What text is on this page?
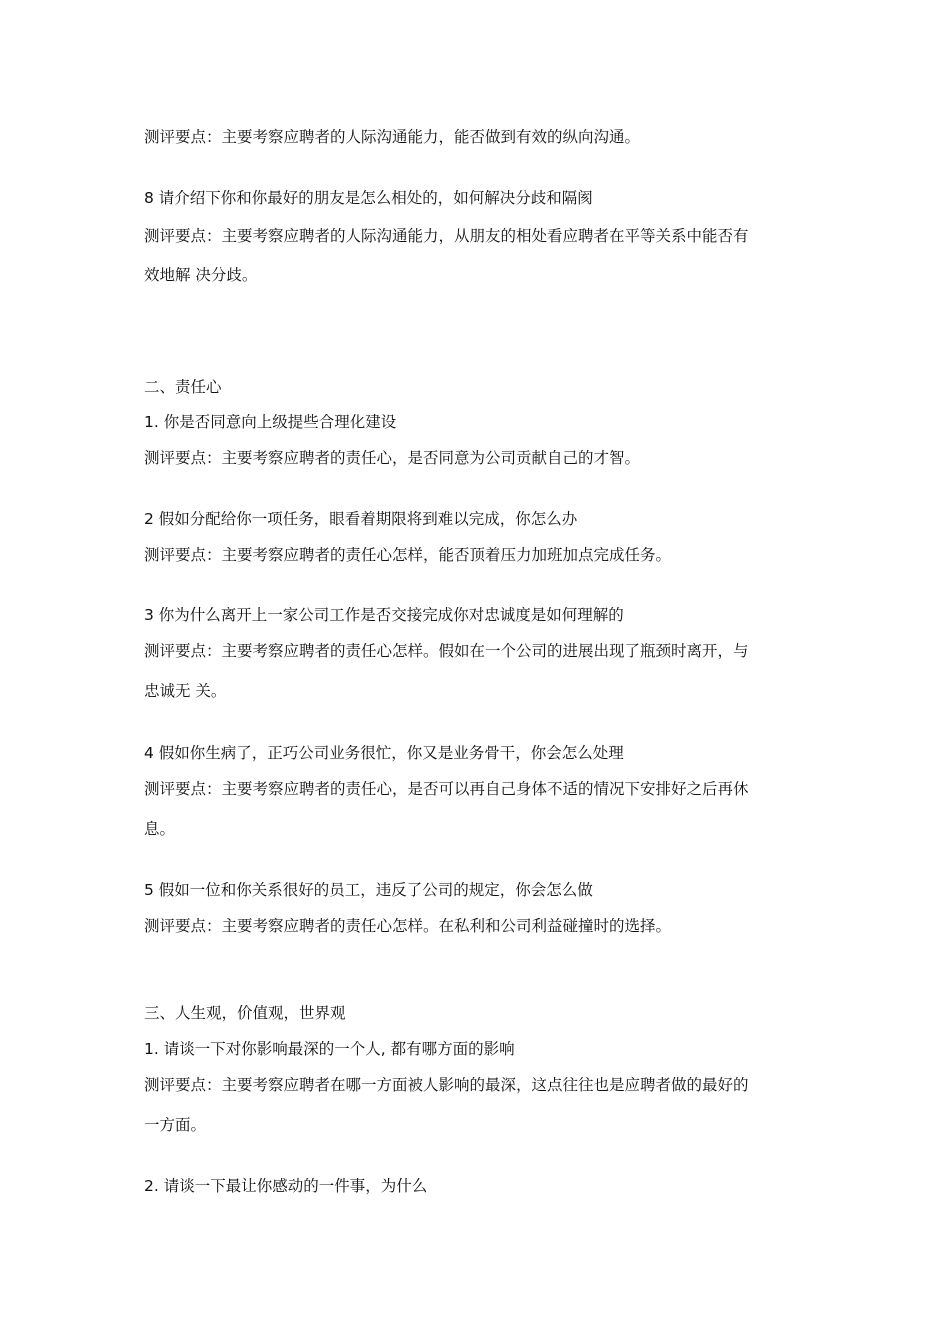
测评要点：主要考察应聘者的人际沟通能力，能否做到有效的纵向沟通。
8 请介绍下你和你最好的朋友是怎么相处的，如何解决分歧和隔阂
测评要点：主要考察应聘者的人际沟通能力，从朋友的相处看应聘者在平等关系中能否有
效地解 决分歧。
二、责任心
1. 你是否同意向上级提些合理化建设
测评要点：主要考察应聘者的责任心，是否同意为公司贡献自己的才智。
2 假如分配给你一项任务，眼看着期限将到难以完成，你怎么办
测评要点：主要考察应聘者的责任心怎样，能否顶着压力加班加点完成任务。
3 你为什么离开上一家公司工作是否交接完成你对忠诚度是如何理解的
测评要点：主要考察应聘者的责任心怎样。假如在一个公司的进展出现了瓶颈时离开，与
忠诚无 关。
4 假如你生病了，正巧公司业务很忙，你又是业务骨干，你会怎么处理
测评要点：主要考察应聘者的责任心，是否可以再自己身体不适的情况下安排好之后再休
息。
5 假如一位和你关系很好的员工，违反了公司的规定，你会怎么做
测评要点：主要考察应聘者的责任心怎样。在私利和公司利益碰撞时的选择。
三、人生观，价值观，世界观
1. 请谈一下对你影响最深的一个人, 都有哪方面的影响
测评要点：主要考察应聘者在哪一方面被人影响的最深，这点往往也是应聘者做的最好的
一方面。
2. 请谈一下最让你感动的一件事，为什么
